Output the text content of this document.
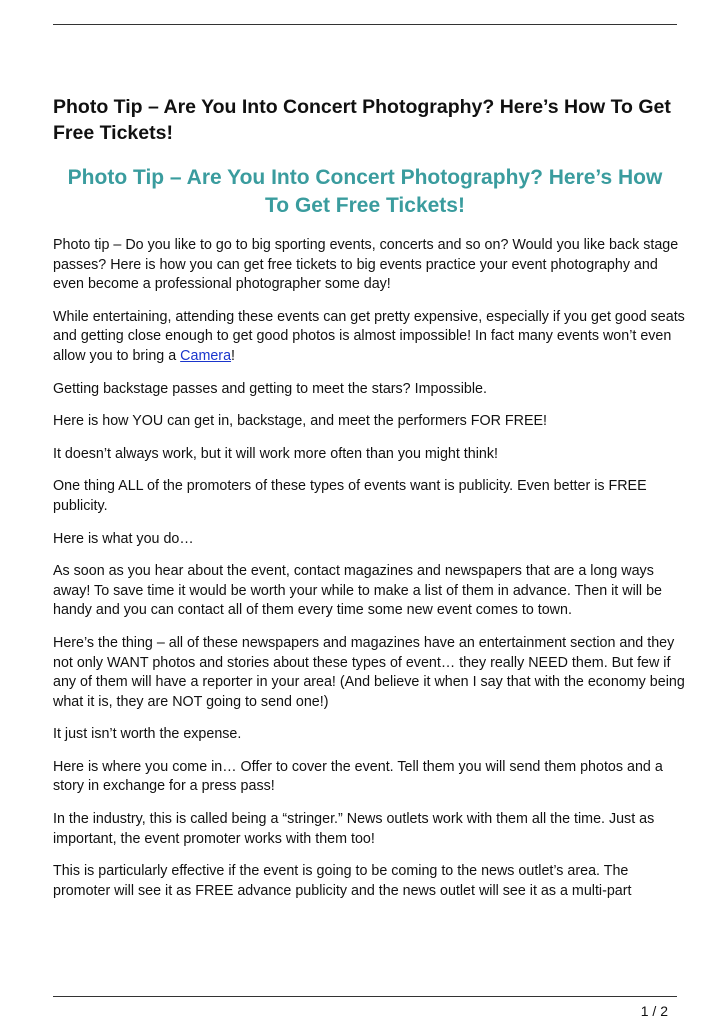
Photo Tip – Are You Into Concert Photography? Here’s How To Get Free Tickets!
Photo Tip – Are You Into Concert Photography? Here’s How To Get Free Tickets!

Photo tip – Do you like to go to big sporting events, concerts and so on? Would you like back stage passes? Here is how you can get free tickets to big events practice your event photography and even become a professional photographer some day!

While entertaining, attending these events can get pretty expensive, especially if you get good seats and getting close enough to get good photos is almost impossible! In fact many events won’t even allow you to bring a Camera!

Getting backstage passes and getting to meet the stars? Impossible.

Here is how YOU can get in, backstage, and meet the performers FOR FREE!

It doesn’t always work, but it will work more often than you might think!

One thing ALL of the promoters of these types of events want is publicity. Even better is FREE publicity.

Here is what you do…

As soon as you hear about the event, contact magazines and newspapers that are a long ways away! To save time it would be worth your while to make a list of them in advance. Then it will be handy and you can contact all of them every time some new event comes to town.

Here’s the thing – all of these newspapers and magazines have an entertainment section and they not only WANT photos and stories about these types of event… they really NEED them. But few if any of them will have a reporter in your area! (And believe it when I say that with the economy being what it is, they are NOT going to send one!)

It just isn’t worth the expense.

Here is where you come in… Offer to cover the event. Tell them you will send them photos and a story in exchange for a press pass!

In the industry, this is called being a “stringer.” News outlets work with them all the time. Just as important, the event promoter works with them too!

This is particularly effective if the event is going to be coming to the news outlet’s area. The promoter will see it as FREE advance publicity and the news outlet will see it as a multi-part

1 / 2
